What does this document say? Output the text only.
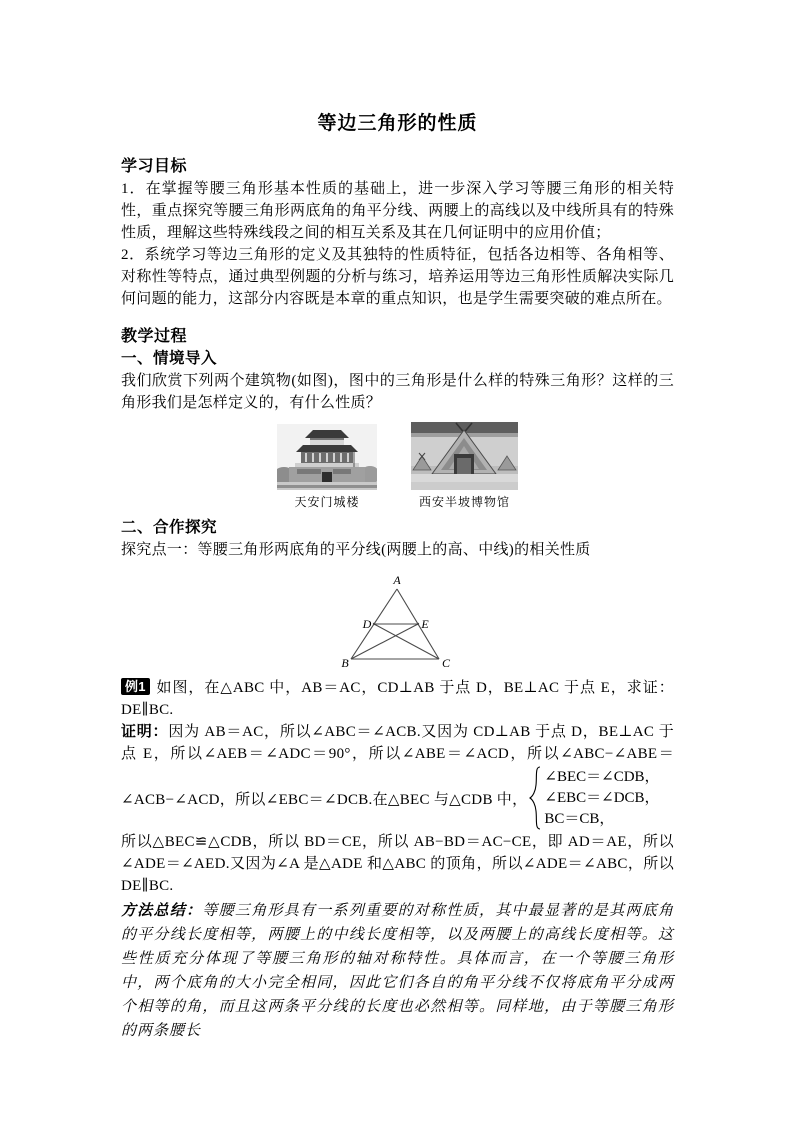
等边三角形的性质
学习目标

1．在掌握等腰三角形基本性质的基础上，进一步深入学习等腰三角形的相关特性，重点探究等腰三角形两底角的角平分线、两腰上的高线以及中线所具有的特殊性质，理解这些特殊线段之间的相互关系及其在几何证明中的应用价值；

2．系统学习等边三角形的定义及其独特的性质特征，包括各边相等、各角相等、对称性等特点，通过典型例题的分析与练习，培养运用等边三角形性质解决实际几何问题的能力，这部分内容既是本章的重点知识，也是学生需要突破的难点所在。

教学过程
一、情境导入

我们欣赏下列两个建筑物(如图)，图中的三角形是什么样的特殊三角形？这样的三角形我们是怎样定义的，有什么性质？

天安门城楼	西安半坡博物馆
二、合作探究

探究点一：等腰三角形两底角的平分线(两腰上的高、中线)的相关性质

A
B	C
D	E

例1 如图，在△ABC 中，AB＝AC，CD⊥AB 于点 D，BE⊥AC 于点 E，求证：DE∥BC.

证明：因为 AB＝AC，所以∠ABC＝∠ACB.又因为 CD⊥AB 于点 D，BE⊥AC 于点 E，所以∠AEB＝∠ADC＝90°，所以∠ABE＝∠ACD，所以∠ABC−∠ABE＝

∠ACB−∠ACD，所以∠EBC＝∠DCB.在△BEC 与△CDB 中，
∠BEC＝∠CDB，
∠EBC＝∠DCB，
BC＝CB，

所以△BEC≌△CDB，所以 BD＝CE，所以 AB−BD＝AC−CE，即 AD＝AE，所以∠ADE＝∠AED.又因为∠A 是△ADE 和△ABC 的顶角，所以∠ADE＝∠ABC，所以 DE∥BC.

方法总结：等腰三角形具有一系列重要的对称性质，其中最显著的是其两底角的平分线长度相等，两腰上的中线长度相等，以及两腰上的高线长度相等。这些性质充分体现了等腰三角形的轴对称特性。具体而言，在一个等腰三角形中，两个底角的大小完全相同，因此它们各自的角平分线不仅将底角平分成两个相等的角，而且这两条平分线的长度也必然相等。同样地，由于等腰三角形的两条腰长
